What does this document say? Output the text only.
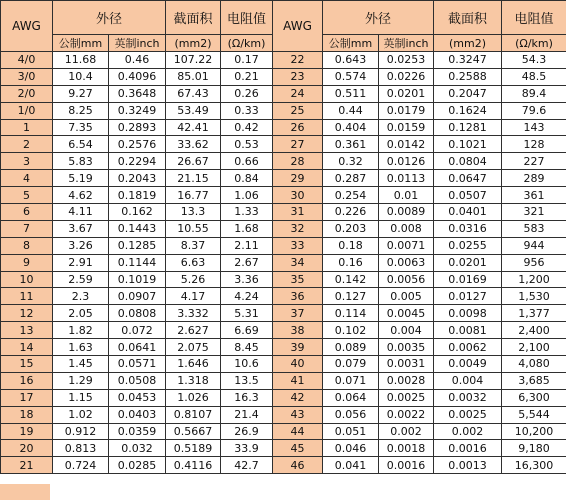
AWG	外径		截面积	电阻值	AWG	外径		截面积	电阻值
	公制mm	英制inch	(mm2)	(Ω/km)		公制mm	英制inch	(mm2)	(Ω/km)
4/0	11.68	0.46	107.22	0.17	22	0.643	0.0253	0.3247	54.3
3/0	10.4	0.4096	85.01	0.21	23	0.574	0.0226	0.2588	48.5
2/0	9.27	0.3648	67.43	0.26	24	0.511	0.0201	0.2047	89.4
1/0	8.25	0.3249	53.49	0.33	25	0.44	0.0179	0.1624	79.6
1	7.35	0.2893	42.41	0.42	26	0.404	0.0159	0.1281	143
2	6.54	0.2576	33.62	0.53	27	0.361	0.0142	0.1021	128
3	5.83	0.2294	26.67	0.66	28	0.32	0.0126	0.0804	227
4	5.19	0.2043	21.15	0.84	29	0.287	0.0113	0.0647	289
5	4.62	0.1819	16.77	1.06	30	0.254	0.01	0.0507	361
6	4.11	0.162	13.3	1.33	31	0.226	0.0089	0.0401	321
7	3.67	0.1443	10.55	1.68	32	0.203	0.008	0.0316	583
8	3.26	0.1285	8.37	2.11	33	0.18	0.0071	0.0255	944
9	2.91	0.1144	6.63	2.67	34	0.16	0.0063	0.0201	956
10	2.59	0.1019	5.26	3.36	35	0.142	0.0056	0.0169	1,200
11	2.3	0.0907	4.17	4.24	36	0.127	0.005	0.0127	1,530
12	2.05	0.0808	3.332	5.31	37	0.114	0.0045	0.0098	1,377
13	1.82	0.072	2.627	6.69	38	0.102	0.004	0.0081	2,400
14	1.63	0.0641	2.075	8.45	39	0.089	0.0035	0.0062	2,100
15	1.45	0.0571	1.646	10.6	40	0.079	0.0031	0.0049	4,080
16	1.29	0.0508	1.318	13.5	41	0.071	0.0028	0.004	3,685
17	1.15	0.0453	1.026	16.3	42	0.064	0.0025	0.0032	6,300
18	1.02	0.0403	0.8107	21.4	43	0.056	0.0022	0.0025	5,544
19	0.912	0.0359	0.5667	26.9	44	0.051	0.002	0.002	10,200
20	0.813	0.032	0.5189	33.9	45	0.046	0.0018	0.0016	9,180
21	0.724	0.0285	0.4116	42.7	46	0.041	0.0016	0.0013	16,300
